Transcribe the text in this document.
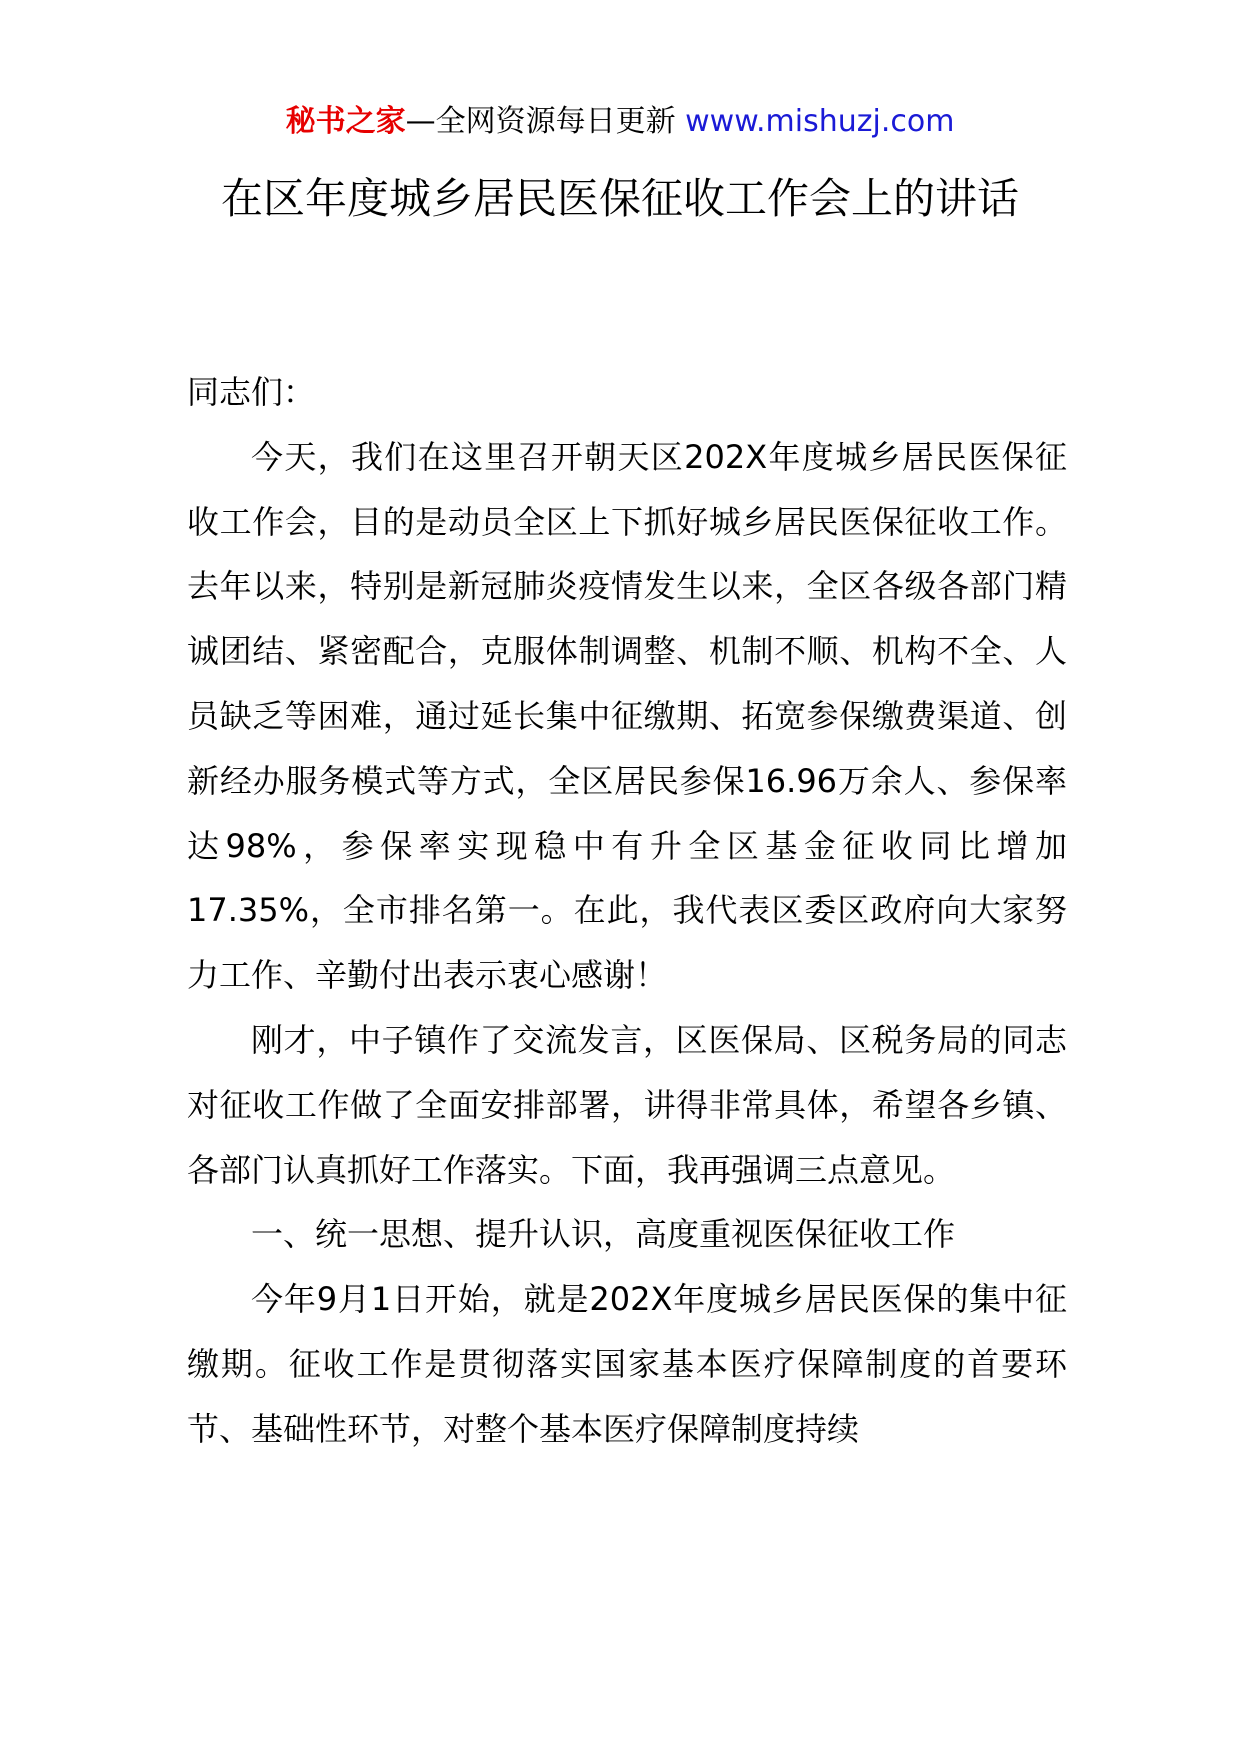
秘书之家—全网资源每日更新 www.mishuzj.com
在区年度城乡居民医保征收工作会上的讲话

同志们：

今天，我们在这里召开朝天区202X年度城乡居民医保征收工作会，目的是动员全区上下抓好城乡居民医保征收工作。去年以来，特别是新冠肺炎疫情发生以来，全区各级各部门精诚团结、紧密配合，克服体制调整、机制不顺、机构不全、人员缺乏等困难，通过延长集中征缴期、拓宽参保缴费渠道、创新经办服务模式等方式，全区居民参保16.96万余人、参保率达98%，参保率实现稳中有升全区基金征收同比增加17.35%，全市排名第一。在此，我代表区委区政府向大家努力工作、辛勤付出表示衷心感谢！

刚才，中子镇作了交流发言，区医保局、区税务局的同志对征收工作做了全面安排部署，讲得非常具体，希望各乡镇、各部门认真抓好工作落实。下面，我再强调三点意见。

一、统一思想、提升认识，高度重视医保征收工作

今年9月1日开始，就是202X年度城乡居民医保的集中征缴期。征收工作是贯彻落实国家基本医疗保障制度的首要环节、基础性环节，对整个基本医疗保障制度持续
